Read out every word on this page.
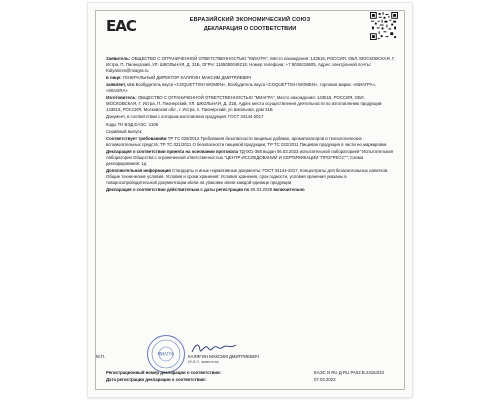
ЕАС	ЕВРАЗИЙСКИЙ ЭКОНОМИЧЕСКИЙ СОЮЗ
ДЕКЛАРАЦИЯ О СООТВЕТСТВИИ

Заявитель: ОБЩЕСТВО С ОГРАНИЧЕННОЙ ОТВЕТСТВЕННОСТЬЮ "МИАГРА", Место нахождения: 143515, РОССИЯ, ОБЛ. МОСКОВСКАЯ, Г. Истра, П. Пионерский, УЛ. ШКОЛЬНАЯ, Д. 31Б, ОГРН: 1165050048218, Номер телефона: +7 9036219605, Адрес электронной почты: Kalyaninm@miagra.ru

в лице: ГЕНЕРАЛЬНЫЙ ДИРЕКТОР КАЛЯГИН МАКСИМ ДМИТРИЕВИЧ

заявляет, что Возбудитель вкуса «COQUETTISH WOMEN», Возбудитель вкуса «COQUETTISH WOMEN», торговая марка: «МИАГРА», «MIAGRA»

Изготовитель: ОБЩЕСТВО С ОГРАНИЧЕННОЙ ОТВЕТСТВЕННОСТЬЮ "МИАГРА", Место нахождения: 143515, РОССИЯ, ОБЛ. МОСКОВСКАЯ, Г. Истра, П. Пионерский, УЛ. ШКОЛЬНАЯ, Д. 31Б, Адрес места осуществления деятельности по изготовлению продукции: 143515, РОССИЯ, Московская обл., г. Истра, п. Пионерский, ул Школьная, дом 31Б

Документ, в соответствии с которым изготовлена продукция: ГОСТ 34144-2017

Коды ТН ВЭД ЕАЭС: 2106

Серийный выпуск

Соответствует требованиям ТР ТС 029/2012 Требования безопасности пищевых добавок, ароматизаторов и технологических вспомогательных средств; ТР ТС 021/2011 О безопасности пищевой продукции; ТР ТС 022/2011 Пищевая продукция в части ее маркировки

Декларация о соответствии принята на основании протокола ТД-001-368 выдан 06.03.2023 испытательной лабораторией "Испытательная лаборатория Общества с ограниченной ответственностью "ЦЕНТР ИССЛЕДОВАНИЙ И СЕРТИФИКАЦИИ "ПРОГРЕСС""; Схема декларирования: 1д

Дополнительная информация Стандарты и иные нормативные документы: ГОСТ 34144-2017, Концентраты для безалкогольных напитков. Общие технические условия. Условия и сроки хранения: Условия хранения, срок годности, условия хранения указаны в товаросопроводительной документации и/или на упаковке и/или каждой единице продукции

Декларация о соответствии действительна с даты регистрации по 05.03.2028 включительно

МИАГРА
М.П.	КАЛЯГИН МАКСИМ ДМИТРИЕВИЧ
(Ф.И.О. заявителя)
Регистрационный номер декларации о соответствии:	ЕАЭС N RU Д-RU.РА02.В.24154/23
Дата регистрации декларации о соответствии:	07.03.2023
